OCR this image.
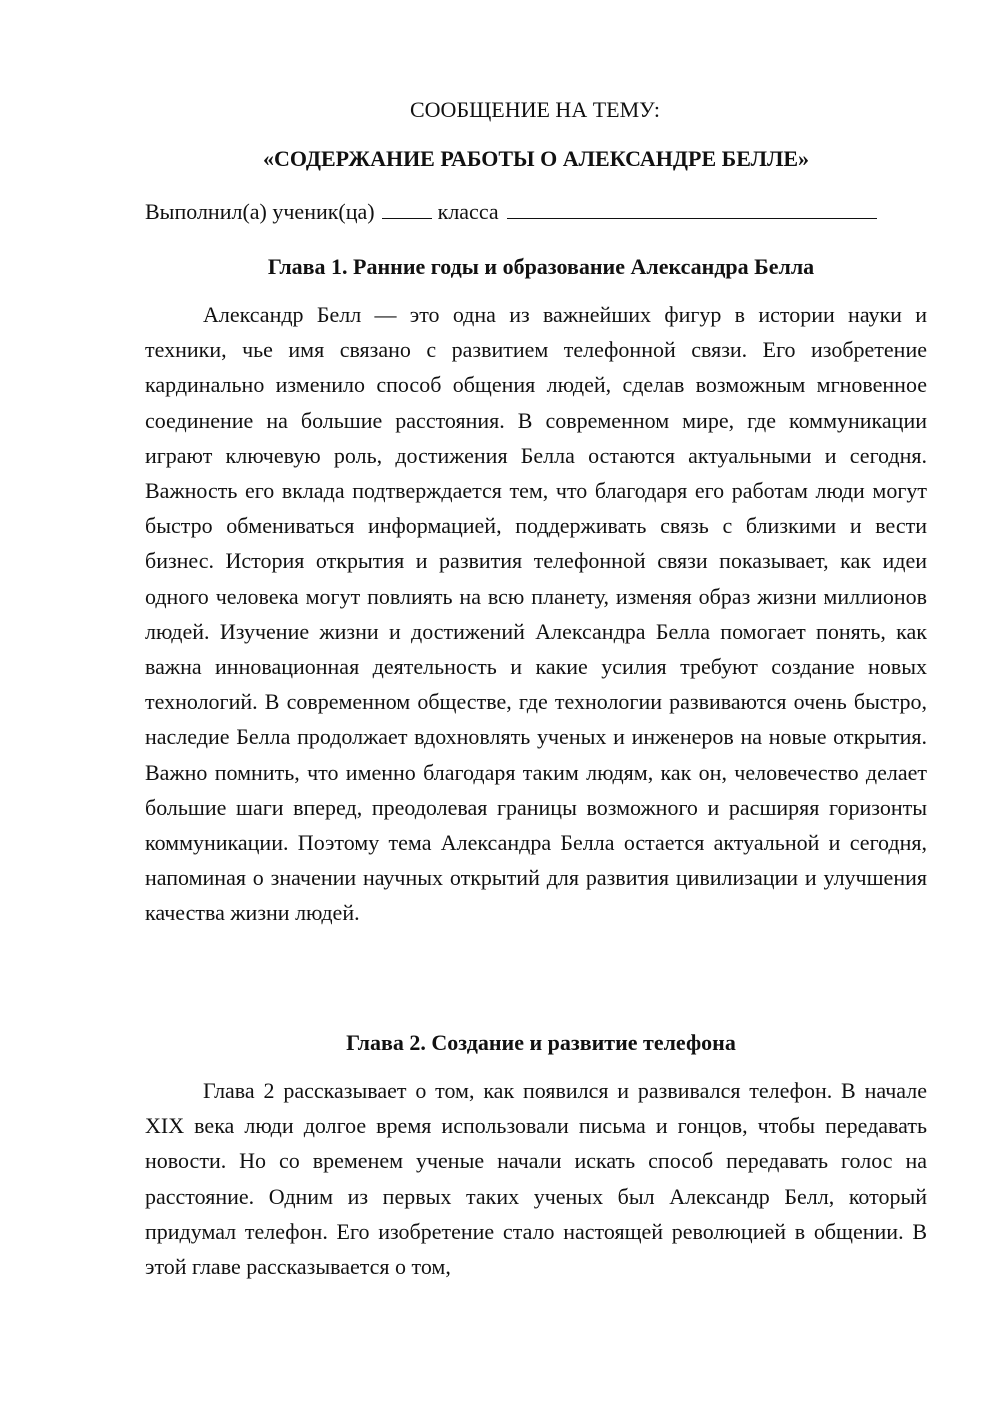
СООБЩЕНИЕ НА ТЕМУ:

«СОДЕРЖАНИЕ РАБОТЫ О АЛЕКСАНДРЕ БЕЛЛЕ»

Выполнил(а) ученик(ца)	класса
Глава 1. Ранние годы и образование Александра Белла

Александр Белл — это одна из важнейших фигур в истории науки и техники, чье имя связано с развитием телефонной связи. Его изобретение кардинально изменило способ общения людей, сделав возможным мгновенное соединение на большие расстояния. В современном мире, где коммуникации играют ключевую роль, достижения Белла остаются актуальными и сегодня. Важность его вклада подтверждается тем, что благодаря его работам люди могут быстро обмениваться информацией, поддерживать связь с близкими и вести бизнес. История открытия и развития телефонной связи показывает, как идеи одного человека могут повлиять на всю планету, изменяя образ жизни миллионов людей. Изучение жизни и достижений Александра Белла помогает понять, как важна инновационная деятельность и какие усилия требуют создание новых технологий. В современном обществе, где технологии развиваются очень быстро, наследие Белла продолжает вдохновлять ученых и инженеров на новые открытия. Важно помнить, что именно благодаря таким людям, как он, человечество делает большие шаги вперед, преодолевая границы возможного и расширяя горизонты коммуникации. Поэтому тема Александра Белла остается актуальной и сегодня, напоминая о значении научных открытий для развития цивилизации и улучшения качества жизни людей.

Глава 2. Создание и развитие телефона

Глава 2 рассказывает о том, как появился и развивался телефон. В начале XIX века люди долгое время использовали письма и гонцов, чтобы передавать новости. Но со временем ученые начали искать способ передавать голос на расстояние. Одним из первых таких ученых был Александр Белл, который придумал телефон. Его изобретение стало настоящей революцией в общении. В этой главе рассказывается о том,
